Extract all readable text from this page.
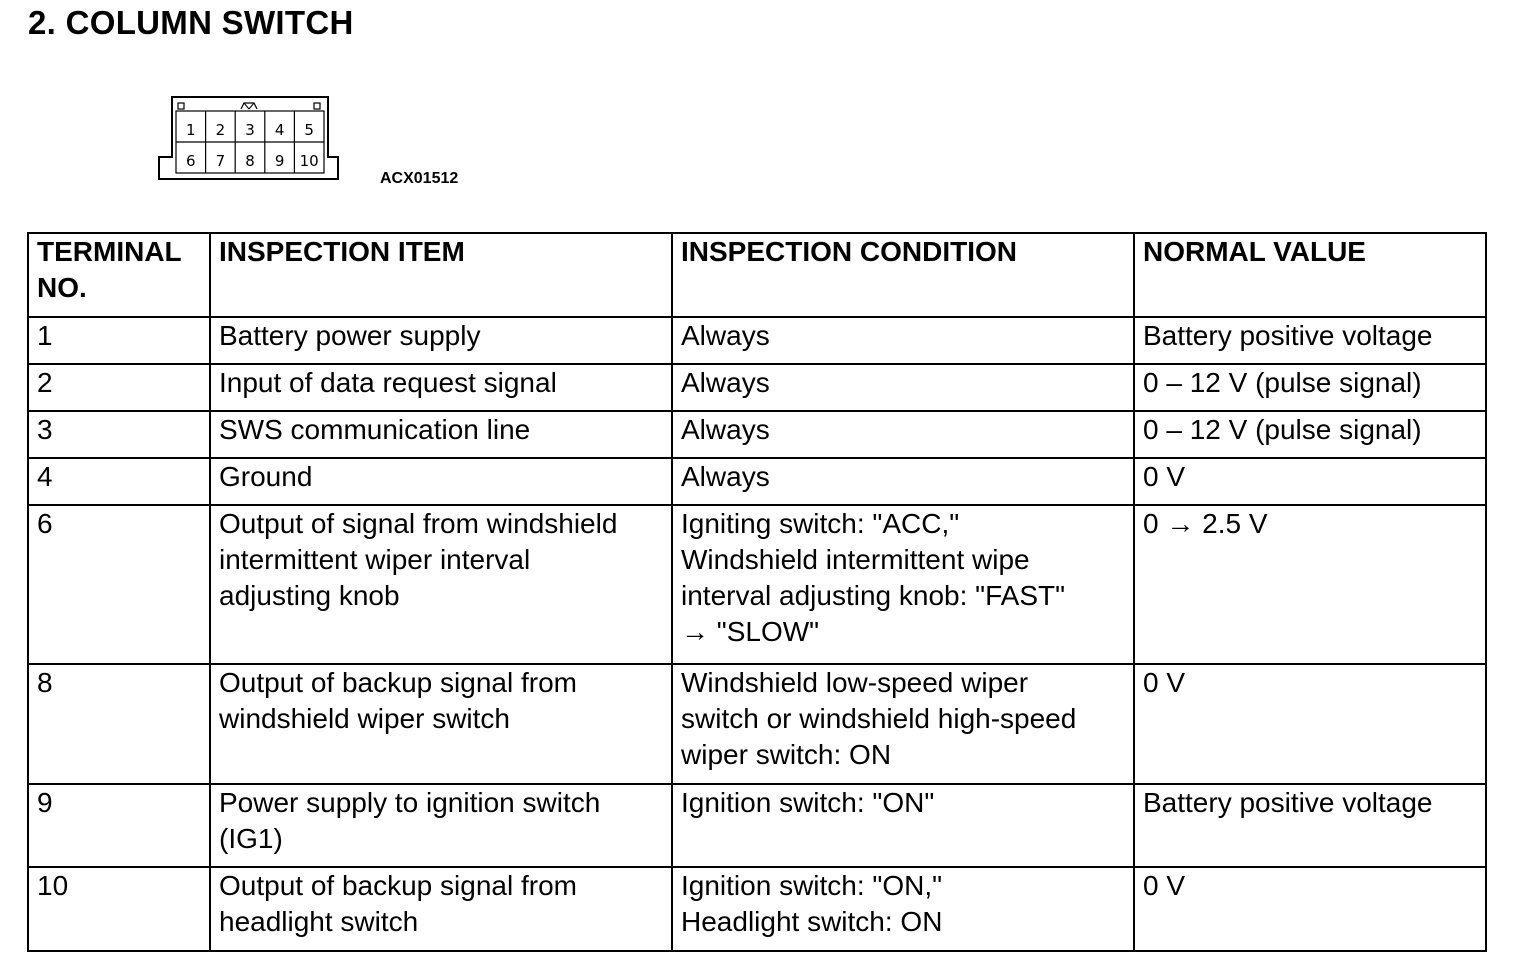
2. COLUMN SWITCH
1 2 3 4 5
6 7 8 9 10
ACX01512
TERMINAL NO.	INSPECTION ITEM	INSPECTION CONDITION	NORMAL VALUE
1	Battery power supply	Always	Battery positive voltage

2	Input of data request signal	Always	0 – 12 V (pulse signal)

3	SWS communication line	Always	0 – 12 V (pulse signal)

4	Ground	Always	0 V

6	Output of signal from windshield
intermittent wiper interval
adjusting knob	Igniting switch: "ACC,"
Windshield intermittent wipe
interval adjusting knob: "FAST"
→ "SLOW"	0 → 2.5 V

8	Output of backup signal from
windshield wiper switch	Windshield low-speed wiper
switch or windshield high-speed
wiper switch: ON	0 V

9	Power supply to ignition switch
(IG1)	Ignition switch: "ON"	Battery positive voltage

10	Output of backup signal from
headlight switch	Ignition switch: "ON,"
Headlight switch: ON	0 V
